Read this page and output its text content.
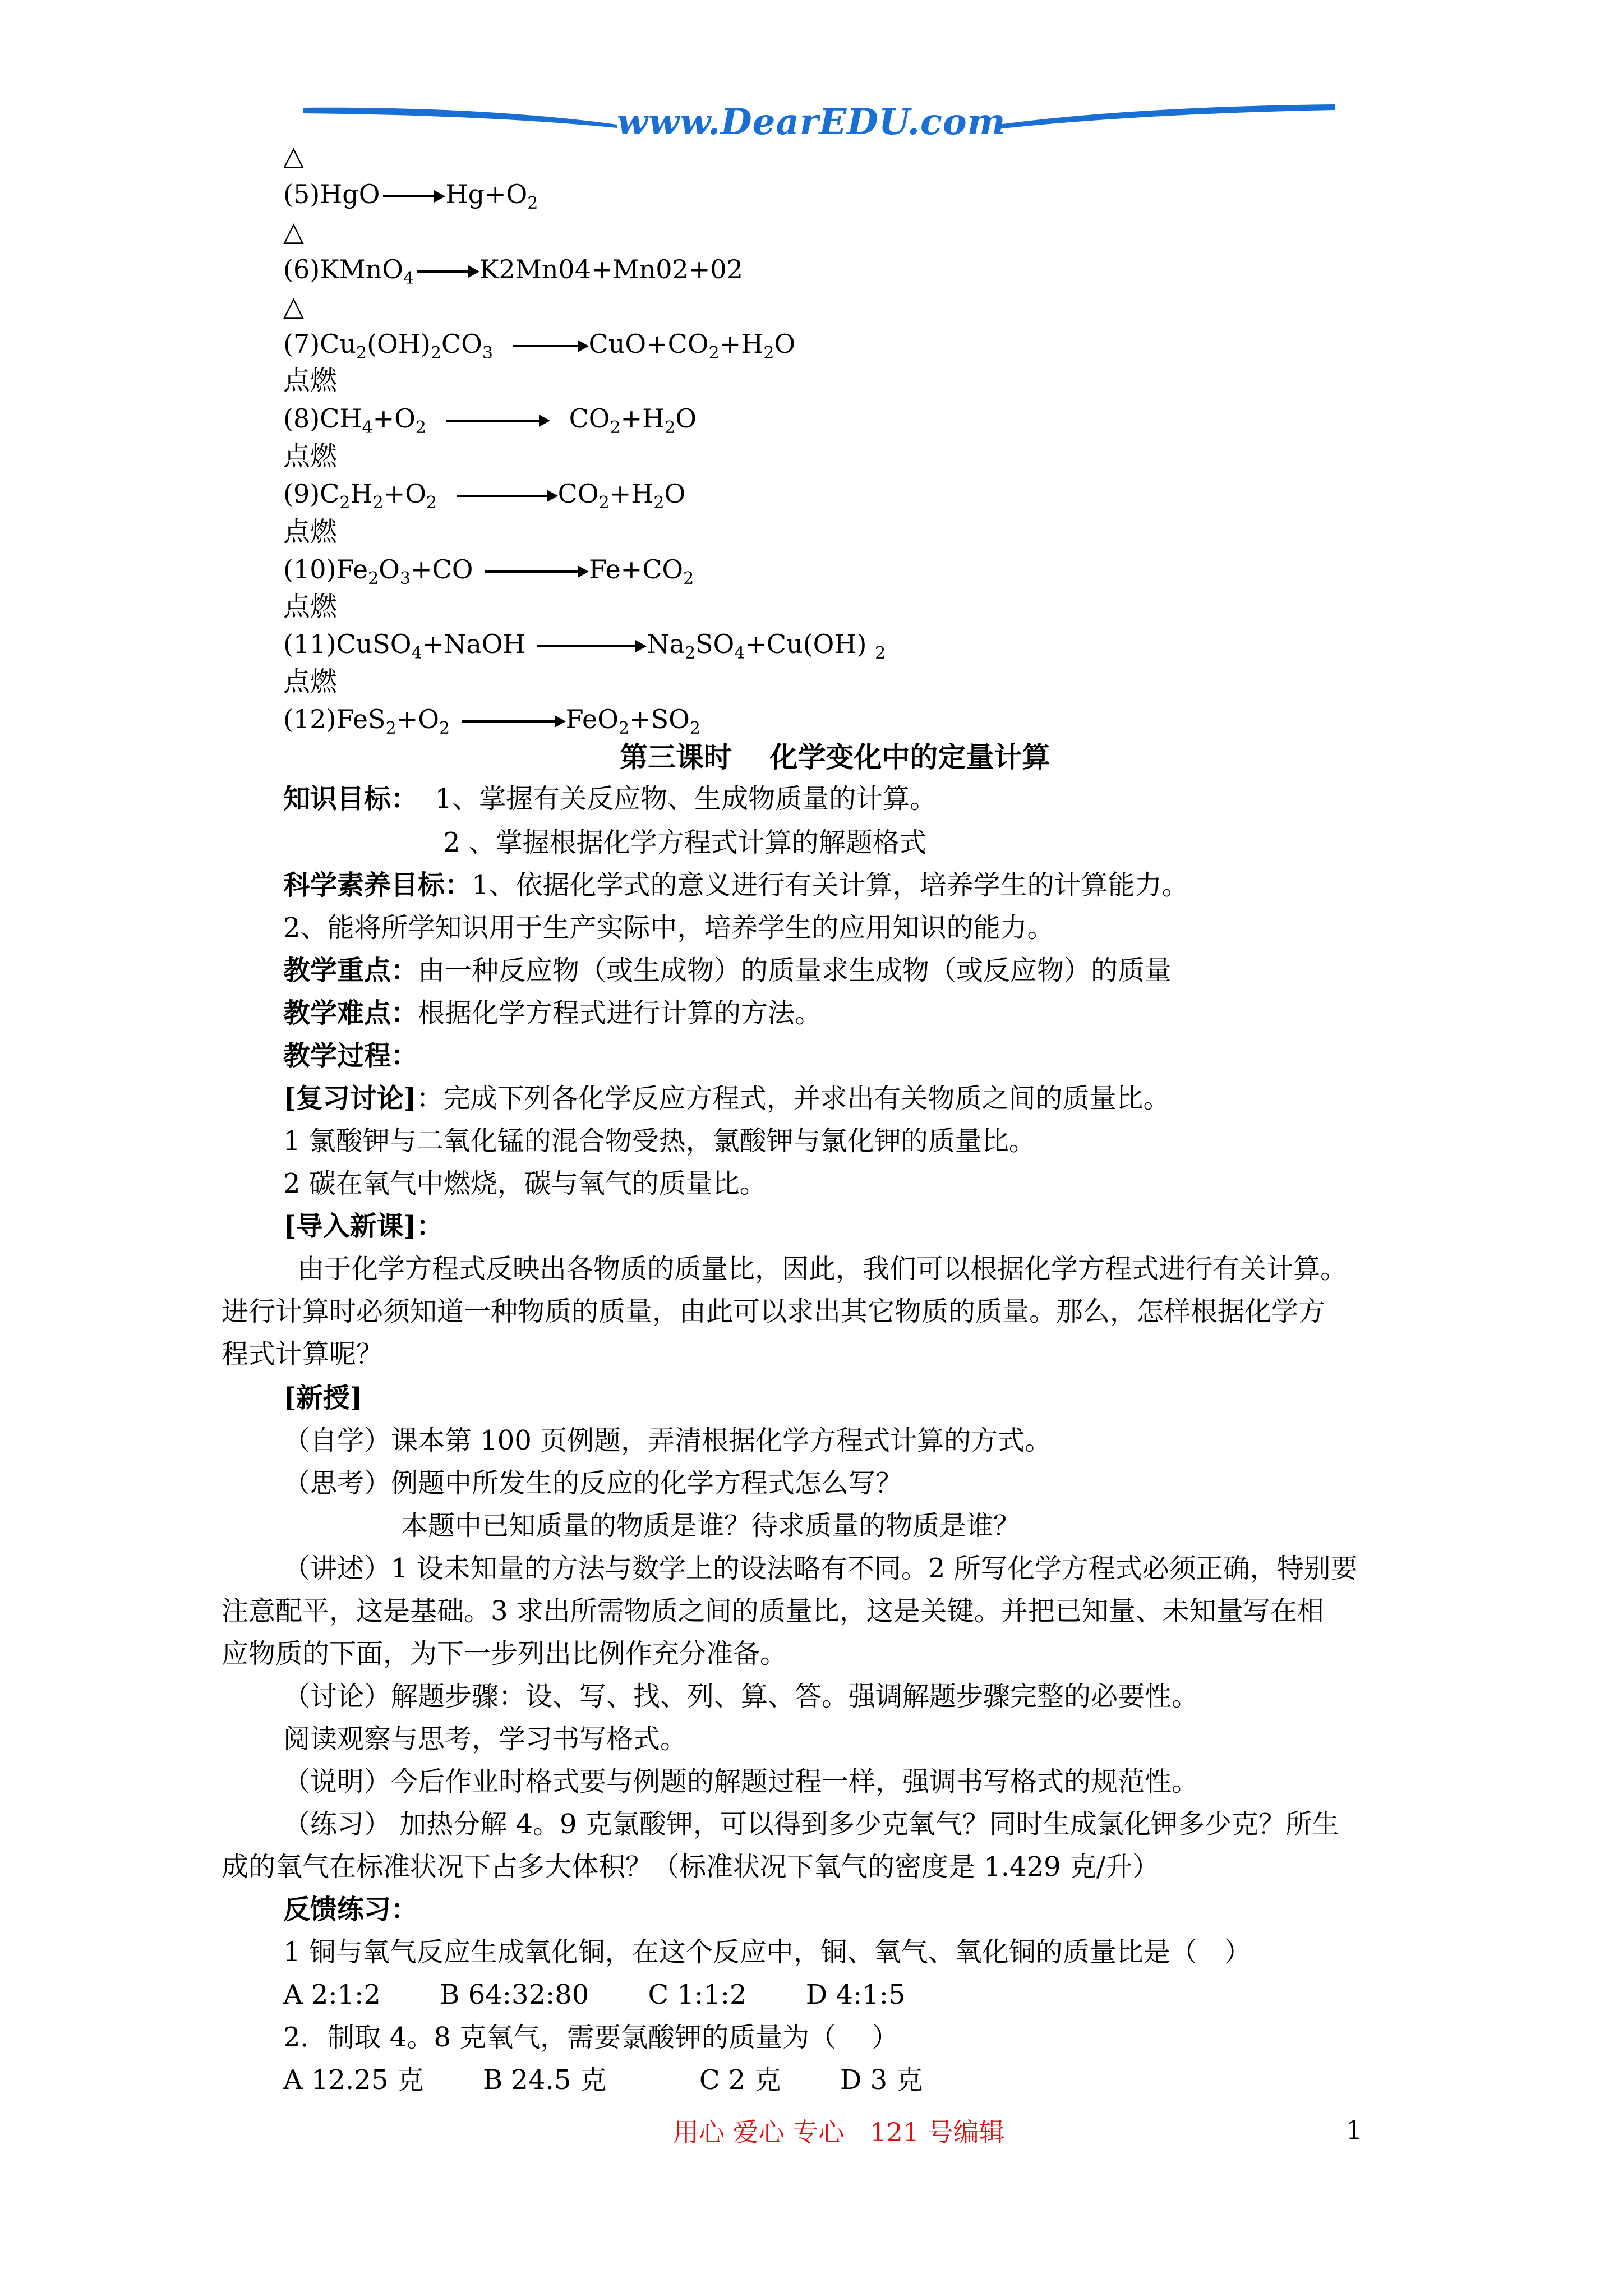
www.DearEDU.com
△
$(5)HgO \to Hg+O_2$
△
(6)KMnO$_4$ → K2Mn04+Mn02+02
△
$(7)Cu_2(OH)_2CO_3 \to CuO+CO_2+H_2O$
点燃
$(8)CH_4+O_2 \to CO_2+H_2O$
点燃
$(9)C_2H_2+O_2 \to CO_2+H_2O$
点燃
$(10)Fe_2O_3+CO \to Fe+CO_2$
点燃
(11)CuSO$_4$+NaOH	$Na_2SO_4+Cu(OH)$ $_2$
点燃
$(12)FeS_2+O_2 \to FeO_2+SO_2$
第三课时　 化学变化中的定量计算
知识目标： 1、掌握有关反应物、生成物质量的计算。
2 、掌握根据化学方程式计算的解题格式
科学素养目标：1、依据化学式的意义进行有关计算，培养学生的计算能力。
2、能将所学知识用于生产实际中，培养学生的应用知识的能力。
教学重点：由一种反应物（或生成物）的质量求生成物（或反应物）的质量
教学难点：根据化学方程式进行计算的方法。
教学过程：
[复习讨论]：完成下列各化学反应方程式，并求出有关物质之间的质量比。
1 氯酸钾与二氧化锰的混合物受热，氯酸钾与氯化钾的质量比。
2 碳在氧气中燃烧，碳与氧气的质量比。
[导入新课]：
由于化学方程式反映出各物质的质量比，因此，我们可以根据化学方程式进行有关计算。
进行计算时必须知道一种物质的质量，由此可以求出其它物质的质量。那么，怎样根据化学方
程式计算呢？
[新授]
（自学）课本第 100 页例题，弄清根据化学方程式计算的方式。
（思考）例题中所发生的反应的化学方程式怎么写？
本题中已知质量的物质是谁？待求质量的物质是谁？
（讲述）1 设未知量的方法与数学上的设法略有不同。2 所写化学方程式必须正确，特别要
注意配平，这是基础。3 求出所需物质之间的质量比，这是关键。并把已知量、未知量写在相
应物质的下面，为下一步列出比例作充分准备。
（讨论）解题步骤：设、写、找、列、算、答。强调解题步骤完整的必要性。
阅读观察与思考，学习书写格式。
（说明）今后作业时格式要与例题的解题过程一样，强调书写格式的规范性。
（练习） 加热分解 4。9 克氯酸钾，可以得到多少克氧气？同时生成氯化钾多少克？所生
成的氧气在标准状况下占多大体积？（标准状况下氧气的密度是 1.429 克/升）
反馈练习：
1 铜与氧气反应生成氧化铜，在这个反应中，铜、氧气、氧化铜的质量比是（　）
A 2:1:2 B 64:32:80 C 1:1:2 D 4:1:5
2．制取 4。8 克氧气，需要氯酸钾的质量为（　 ）
A 12.25 克 B 24.5 克	C 2 克 D 3 克
用心 爱心 专心　121 号编辑	1
